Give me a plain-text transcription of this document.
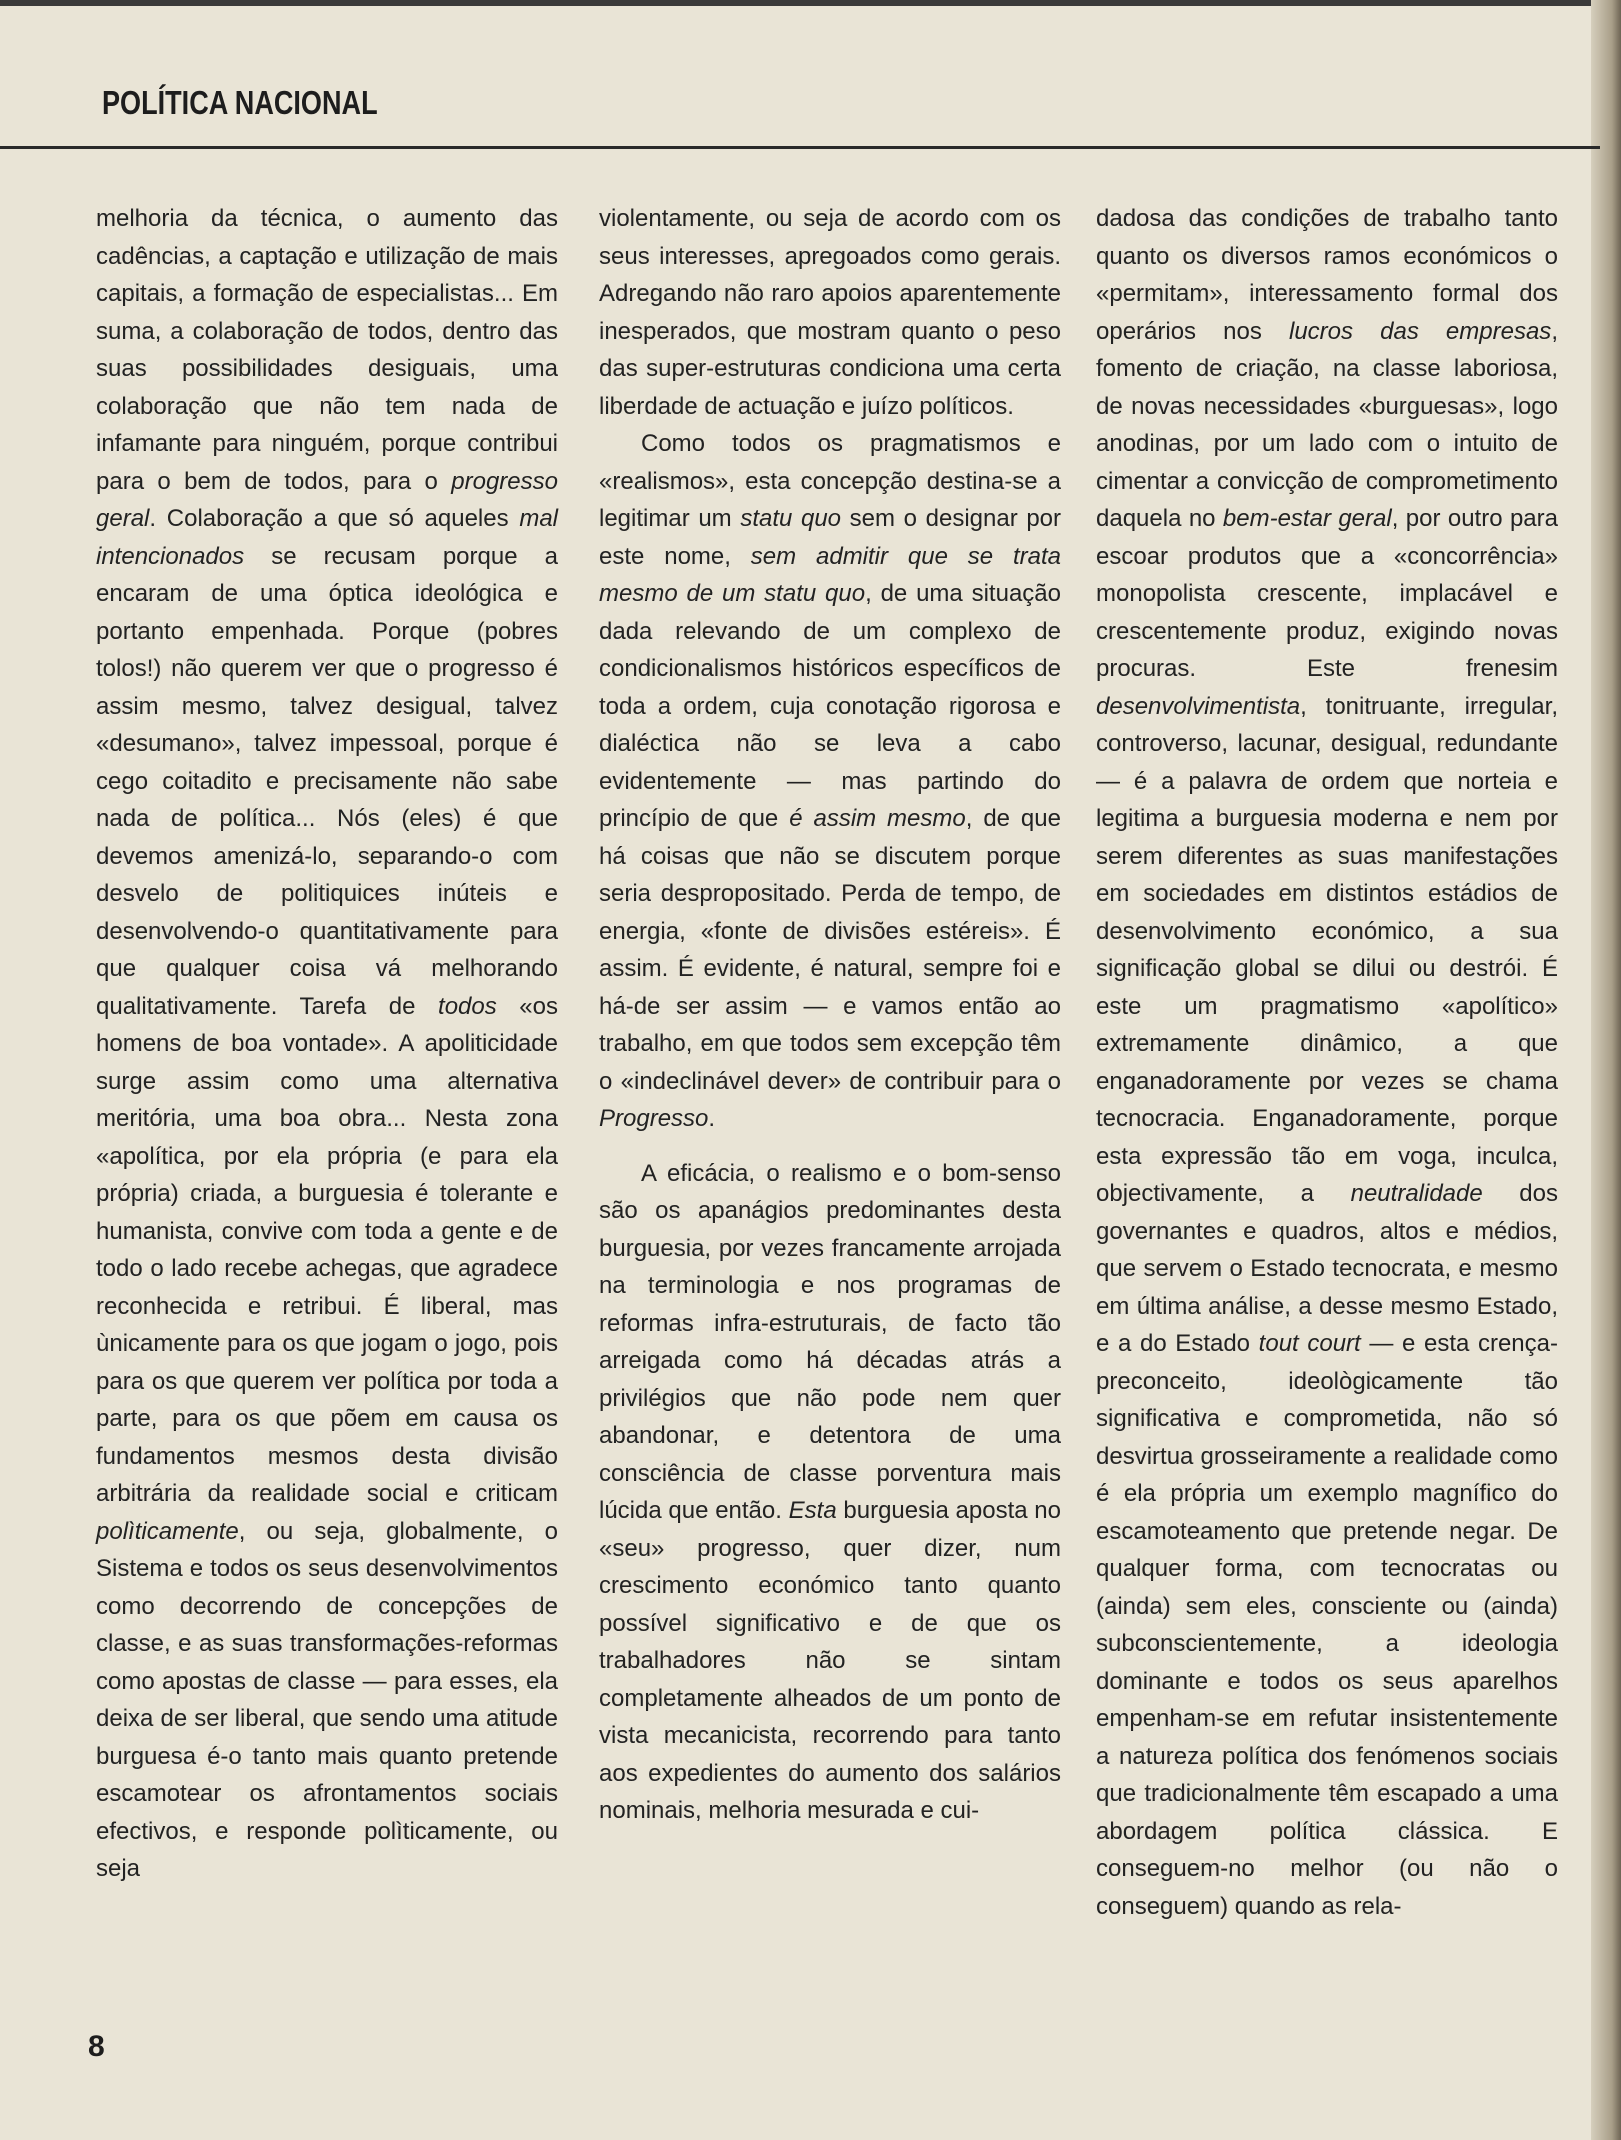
POLÍTICA NACIONAL

melhoria da técnica, o aumento das cadências, a captação e utilização de mais capitais, a formação de especialistas... Em suma, a colaboração de todos, dentro das suas possibilidades desiguais, uma colaboração que não tem nada de infamante para ninguém, porque contribui para o bem de todos, para o progresso geral. Colaboração a que só aqueles mal intencionados se recusam porque a encaram de uma óptica ideológica e portanto empenhada. Porque (pobres tolos!) não querem ver que o progresso é assim mesmo, talvez desigual, talvez «desumano», talvez impessoal, porque é cego coitadito e precisamente não sabe nada de política... Nós (eles) é que devemos amenizá-lo, separando-o com desvelo de politiquices inúteis e desenvolvendo-o quantitativamente para que qualquer coisa vá melhorando qualitativamente. Tarefa de todos «os homens de boa vontade». A apoliticidade surge assim como uma alternativa meritória, uma boa obra... Nesta zona «apolítica, por ela própria (e para ela própria) criada, a burguesia é tolerante e humanista, convive com toda a gente e de todo o lado recebe achegas, que agradece reconhecida e retribui. É liberal, mas ùnicamente para os que jogam o jogo, pois para os que querem ver política por toda a parte, para os que põem em causa os fundamentos mesmos desta divisão arbitrária da realidade social e criticam polìticamente, ou seja, globalmente, o Sistema e todos os seus desenvolvimentos como decorrendo de concepções de classe, e as suas transformações-reformas como apostas de classe — para esses, ela deixa de ser liberal, que sendo uma atitude burguesa é-o tanto mais quanto pretende escamotear os afrontamentos sociais efectivos, e responde polìticamente, ou seja

violentamente, ou seja de acordo com os seus interesses, apregoados como gerais. Adregando não raro apoios aparentemente inesperados, que mostram quanto o peso das super-estruturas condiciona uma certa liberdade de actuação e juízo políticos.

Como todos os pragmatismos e «realismos», esta concepção destina-se a legitimar um statu quo sem o designar por este nome, sem admitir que se trata mesmo de um statu quo, de uma situação dada relevando de um complexo de condicionalismos históricos específicos de toda a ordem, cuja conotação rigorosa e dialéctica não se leva a cabo evidentemente — mas partindo do princípio de que é assim mesmo, de que há coisas que não se discutem porque seria despropositado. Perda de tempo, de energia, «fonte de divisões estéreis». É assim. É evidente, é natural, sempre foi e há-de ser assim — e vamos então ao trabalho, em que todos sem excepção têm o «indeclinável dever» de contribuir para o Progresso.

A eficácia, o realismo e o bom-senso são os apanágios predominantes desta burguesia, por vezes francamente arrojada na terminologia e nos programas de reformas infra-estruturais, de facto tão arreigada como há décadas atrás a privilégios que não pode nem quer abandonar, e detentora de uma consciência de classe porventura mais lúcida que então. Esta burguesia aposta no «seu» progresso, quer dizer, num crescimento económico tanto quanto possível significativo e de que os trabalhadores não se sintam completamente alheados de um ponto de vista mecanicista, recorrendo para tanto aos expedientes do aumento dos salários nominais, melhoria mesurada e cui-

dadosa das condições de trabalho tanto quanto os diversos ramos económicos o «permitam», interessamento formal dos operários nos lucros das empresas, fomento de criação, na classe laboriosa, de novas necessidades «burguesas», logo anodinas, por um lado com o intuito de cimentar a convicção de comprometimento daquela no bem-estar geral, por outro para escoar produtos que a «concorrência» monopolista crescente, implacável e crescentemente produz, exigindo novas procuras. Este frenesim desenvolvimentista, tonitruante, irregular, controverso, lacunar, desigual, redundante — é a palavra de ordem que norteia e legitima a burguesia moderna e nem por serem diferentes as suas manifestações em sociedades em distintos estádios de desenvolvimento económico, a sua significação global se dilui ou destrói. É este um pragmatismo «apolítico» extremamente dinâmico, a que enganadoramente por vezes se chama tecnocracia. Enganadoramente, porque esta expressão tão em voga, inculca, objectivamente, a neutralidade dos governantes e quadros, altos e médios, que servem o Estado tecnocrata, e mesmo em última análise, a desse mesmo Estado, e a do Estado tout court — e esta crença-preconceito, ideològicamente tão significativa e comprometida, não só desvirtua grosseiramente a realidade como é ela própria um exemplo magnífico do escamoteamento que pretende negar. De qualquer forma, com tecnocratas ou (ainda) sem eles, consciente ou (ainda) subconscientemente, a ideologia dominante e todos os seus aparelhos empenham-se em refutar insistentemente a natureza política dos fenómenos sociais que tradicionalmente têm escapado a uma abordagem política clássica. E conseguem-no melhor (ou não o conseguem) quando as rela-

8
